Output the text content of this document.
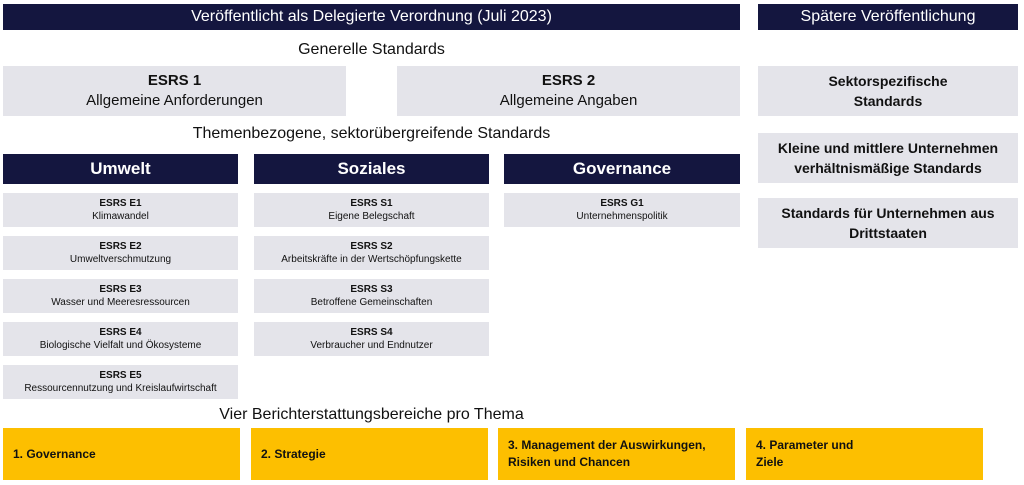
Veröffentlicht als Delegierte Verordnung (Juli 2023)	Spätere Veröffentlichung
Generelle Standards
ESRS 1
Allgemeine Anforderungen
ESRS 2
Allgemeine Angaben
Themenbezogene, sektorübergreifende Standards
Umwelt	Soziales	Governance
ESRS E1
Klimawandel
ESRS E2
Umweltverschmutzung
ESRS E3
Wasser und Meeresressourcen
ESRS E4
Biologische Vielfalt und Ökosysteme
ESRS E5
Ressourcennutzung und Kreislaufwirtschaft
ESRS S1
Eigene Belegschaft
ESRS S2
Arbeitskräfte in der Wertschöpfungskette
ESRS S3
Betroffene Gemeinschaften
ESRS S4
Verbraucher und Endnutzer
ESRS G1
Unternehmenspolitik
Sektorspezifische
Standards
Kleine und mittlere Unternehmen
verhältnismäßige Standards
Standards für Unternehmen aus
Drittstaaten
Vier Berichterstattungsbereiche pro Thema
1. Governance	2. Strategie
3. Management der Auswirkungen,
Risiken und Chancen
4. Parameter und
Ziele
